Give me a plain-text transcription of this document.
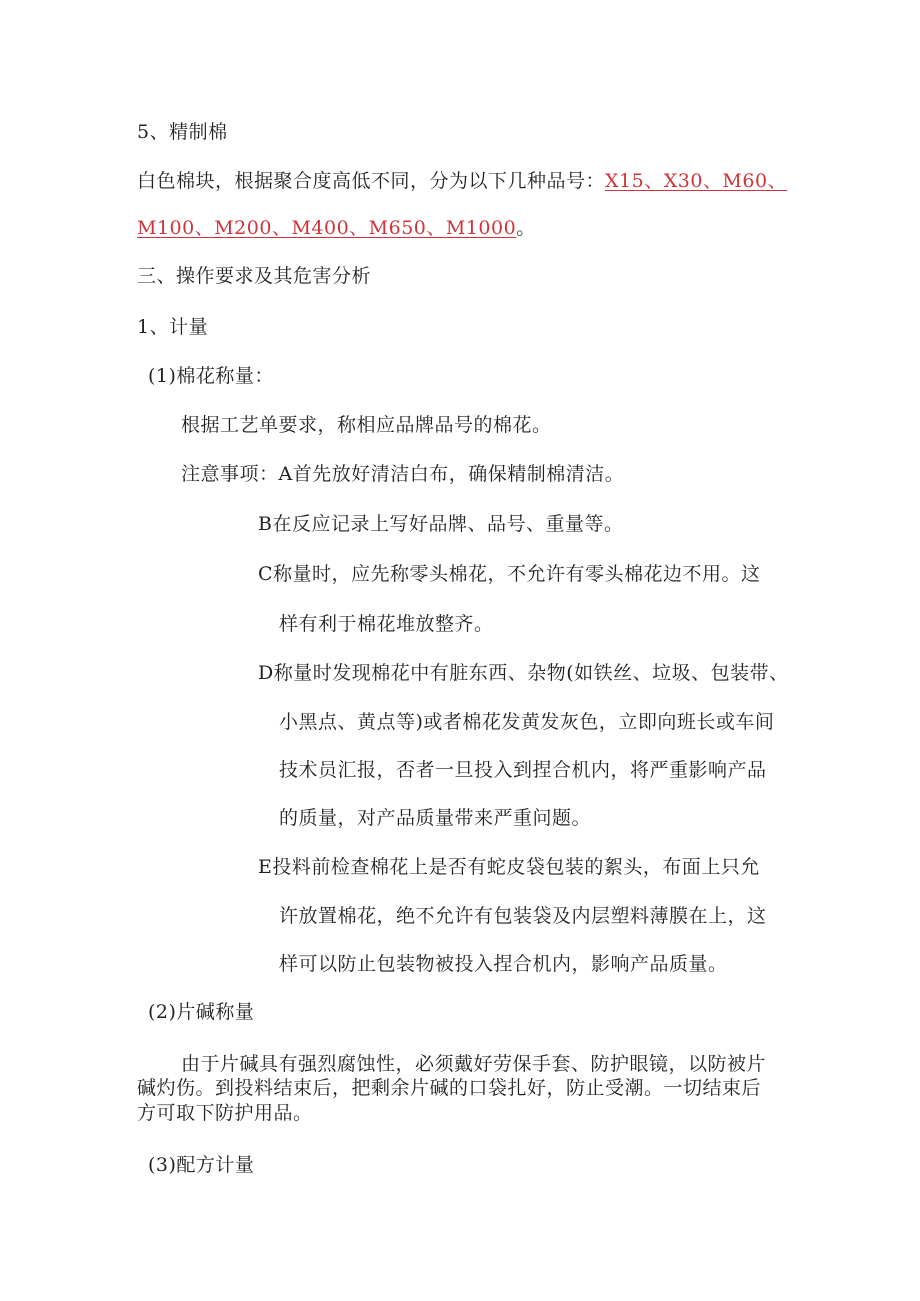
5、精制棉
白色棉块，根据聚合度高低不同，分为以下几种品号：X15、X30、M60、
M100、M200、M400、M650、M1000。
三、操作要求及其危害分析
1、计量
(1)棉花称量：
根据工艺单要求，称相应品牌品号的棉花。
注意事项：A首先放好清洁白布，确保精制棉清洁。
B在反应记录上写好品牌、品号、重量等。
C称量时，应先称零头棉花，不允许有零头棉花边不用。这
样有利于棉花堆放整齐。
D称量时发现棉花中有脏东西、杂物(如铁丝、垃圾、包装带、
小黑点、黄点等)或者棉花发黄发灰色，立即向班长或车间
技术员汇报，否者一旦投入到捏合机内，将严重影响产品
的质量，对产品质量带来严重问题。
E投料前检查棉花上是否有蛇皮袋包装的絮头，布面上只允
许放置棉花，绝不允许有包装袋及内层塑料薄膜在上，这
样可以防止包装物被投入捏合机内，影响产品质量。
(2)片碱称量
由于片碱具有强烈腐蚀性，必须戴好劳保手套、防护眼镜，以防被片
碱灼伤。到投料结束后，把剩余片碱的口袋扎好，防止受潮。一切结束后
方可取下防护用品。
(3)配方计量
